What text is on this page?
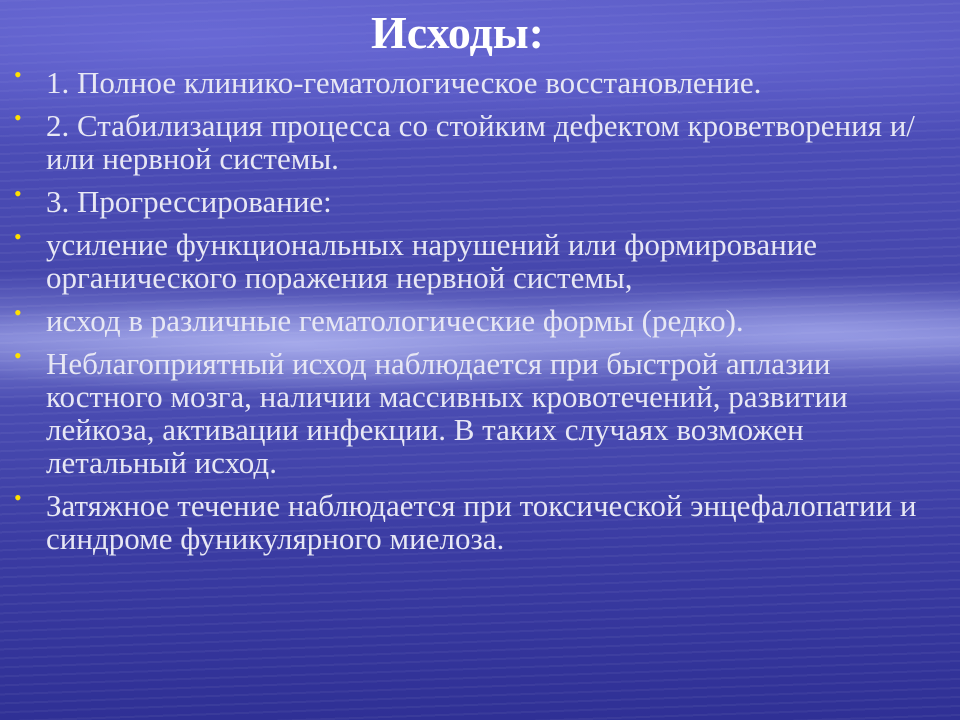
Исходы:
• 1. Полное клинико-гематологическое восстановление.
• 2. Стабилизация процесса со стойким дефектом кроветворения и/или нервной системы.
• 3. Прогрессирование:
• усиление функциональных нарушений или формирование органического поражения нервной системы,
• исход в различные гематологические формы (редко).
• Неблагоприятный исход наблюдается при быстрой аплазии костного мозга, наличии массивных кровотечений, развитии лейкоза, активации инфекции. В таких случаях возможен летальный исход.
• Затяжное течение наблюдается при токсической энцефалопатии и синдроме фуникулярного миелоза.
